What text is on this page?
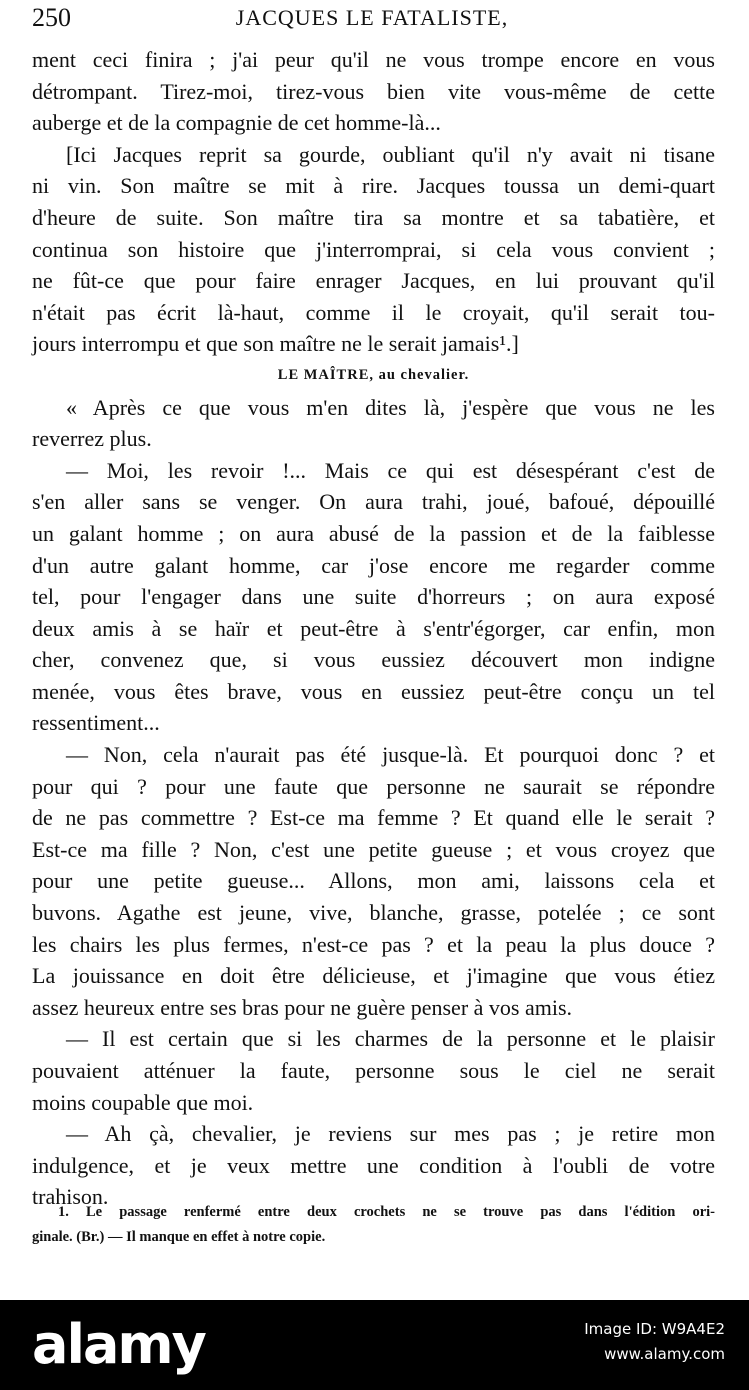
250	JACQUES LE FATALISTE,
ment ceci finira ; j'ai peur qu'il ne vous trompe encore en vous
détrompant. Tirez-moi, tirez-vous bien vite vous-même de cette
auberge et de la compagnie de cet homme-là...
[Ici Jacques reprit sa gourde, oubliant qu'il n'y avait ni tisane
ni vin. Son maître se mit à rire. Jacques toussa un demi-quart
d'heure de suite. Son maître tira sa montre et sa tabatière, et
continua son histoire que j'interromprai, si cela vous convient ;
ne fût-ce que pour faire enrager Jacques, en lui prouvant qu'il
n'était pas écrit là-haut, comme il le croyait, qu'il serait tou-
jours interrompu et que son maître ne le serait jamais¹.]
LE MAÎTRE, au chevalier.
« Après ce que vous m'en dites là, j'espère que vous ne les
reverrez plus.
— Moi, les revoir !... Mais ce qui est désespérant c'est de
s'en aller sans se venger. On aura trahi, joué, bafoué, dépouillé
un galant homme ; on aura abusé de la passion et de la faiblesse
d'un autre galant homme, car j'ose encore me regarder comme
tel, pour l'engager dans une suite d'horreurs ; on aura exposé
deux amis à se haïr et peut-être à s'entr'égorger, car enfin, mon
cher, convenez que, si vous eussiez découvert mon indigne
menée, vous êtes brave, vous en eussiez peut-être conçu un tel
ressentiment...
— Non, cela n'aurait pas été jusque-là. Et pourquoi donc ? et
pour qui ? pour une faute que personne ne saurait se répondre
de ne pas commettre ? Est-ce ma femme ? Et quand elle le serait ?
Est-ce ma fille ? Non, c'est une petite gueuse ; et vous croyez que
pour une petite gueuse... Allons, mon ami, laissons cela et
buvons. Agathe est jeune, vive, blanche, grasse, potelée ; ce sont
les chairs les plus fermes, n'est-ce pas ? et la peau la plus douce ?
La jouissance en doit être délicieuse, et j'imagine que vous étiez
assez heureux entre ses bras pour ne guère penser à vos amis.
— Il est certain que si les charmes de la personne et le plaisir
pouvaient atténuer la faute, personne sous le ciel ne serait
moins coupable que moi.
— Ah çà, chevalier, je reviens sur mes pas ; je retire mon
indulgence, et je veux mettre une condition à l'oubli de votre
trahison.
1. Le passage renfermé entre deux crochets ne se trouve pas dans l'édition ori-
ginale. (Br.) — Il manque en effet à notre copie.
alamy	Image ID: W9A4E2
www.alamy.com
